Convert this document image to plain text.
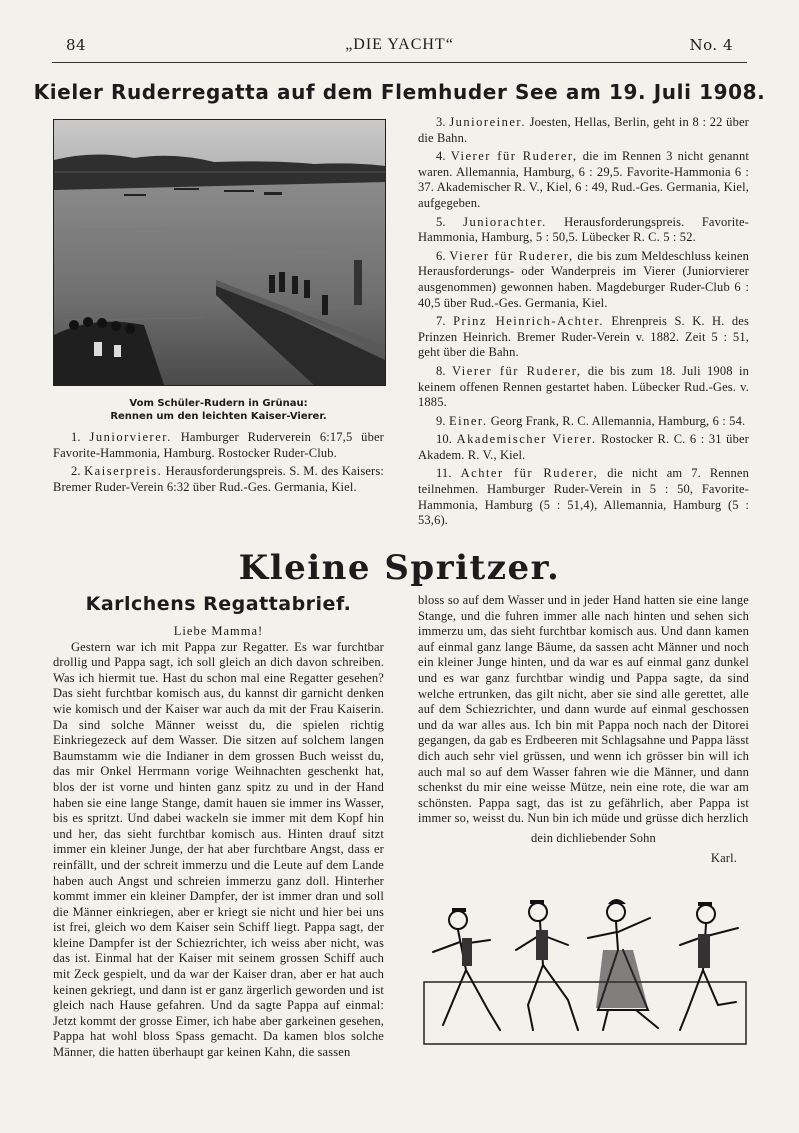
84	„DIE YACHT“	No. 4
Kieler Ruderregatta auf dem Flemhuder See am 19. Juli 1908.
Vom Schüler-Rudern in Grünau:
Rennen um den leichten Kaiser-Vierer.

1. Juniorvierer. Hamburger Ruderverein 6:17,5 über Favorite-Hammonia, Hamburg. Rostocker Ruder-Club.

2. Kaiserpreis. Herausforderungspreis. S. M. des Kaisers: Bremer Ruder-Verein 6:32 über Rud.-Ges. Germania, Kiel.

3. Junioreiner. Joesten, Hellas, Berlin, geht in 8 : 22 über die Bahn.

4. Vierer für Ruderer, die im Rennen 3 nicht genannt waren. Allemannia, Hamburg, 6 : 29,5. Favorite-Hammonia 6 : 37. Akademischer R. V., Kiel, 6 : 49, Rud.-Ges. Germania, Kiel, aufgegeben.

5. Juniorachter. Herausforderungspreis. Favorite-Hammonia, Hamburg, 5 : 50,5. Lübecker R. C. 5 : 52.

6. Vierer für Ruderer, die bis zum Meldeschluss keinen Herausforderungs- oder Wanderpreis im Vierer (Juniorvierer ausgenommen) gewonnen haben. Magdeburger Ruder-Club 6 : 40,5 über Rud.-Ges. Germania, Kiel.

7. Prinz Heinrich-Achter. Ehrenpreis S. K. H. des Prinzen Heinrich. Bremer Ruder-Verein v. 1882. Zeit 5 : 51, geht über die Bahn.

8. Vierer für Ruderer, die bis zum 18. Juli 1908 in keinem offenen Rennen gestartet haben. Lübecker Rud.-Ges. v. 1885.

9. Einer. Georg Frank, R. C. Allemannia, Hamburg, 6 : 54.

10. Akademischer Vierer. Rostocker R. C. 6 : 31 über Akadem. R. V., Kiel.

11. Achter für Ruderer, die nicht am 7. Rennen teilnehmen. Hamburger Ruder-Verein in 5 : 50, Favorite-Hammonia, Hamburg (5 : 51,4), Allemannia, Hamburg (5 : 53,6).

Kleine Spritzer.
Karlchens Regattabrief.

Liebe Mamma!

Gestern war ich mit Pappa zur Regatter. Es war furchtbar drollig und Pappa sagt, ich soll gleich an dich davon schreiben. Was ich hiermit tue. Hast du schon mal eine Regatter gesehen? Das sieht furchtbar komisch aus, du kannst dir garnicht denken wie komisch und der Kaiser war auch da mit der Frau Kaiserin. Da sind solche Männer weisst du, die spielen richtig Einkriegezeck auf dem Wasser. Die sitzen auf solchem langen Baumstamm wie die Indianer in dem grossen Buch weisst du, das mir Onkel Herrmann vorige Weihnachten geschenkt hat, blos der ist vorne und hinten ganz spitz zu und in der Hand haben sie eine lange Stange, damit hauen sie immer ins Wasser, bis es spritzt. Und dabei wackeln sie immer mit dem Kopf hin und her, das sieht furchtbar komisch aus. Hinten drauf sitzt immer ein kleiner Junge, der hat aber furchtbare Angst, dass er reinfällt, und der schreit immerzu und die Leute auf dem Lande haben auch Angst und schreien immerzu ganz doll. Hinterher kommt immer ein kleiner Dampfer, der ist immer dran und soll die Männer einkriegen, aber er kriegt sie nicht und hier bei uns ist frei, gleich wo dem Kaiser sein Schiff liegt. Pappa sagt, der kleine Dampfer ist der Schiezrichter, ich weiss aber nicht, was das ist. Einmal hat der Kaiser mit seinem grossen Schiff auch mit Zeck gespielt, und da war der Kaiser dran, aber er hat auch keinen gekriegt, und dann ist er ganz ärgerlich geworden und ist gleich nach Hause gefahren. Und da sagte Pappa auf einmal: Jetzt kommt der grosse Eimer, ich habe aber garkeinen gesehen, Pappa hat wohl bloss Spass gemacht. Da kamen blos solche Männer, die hatten überhaupt gar keinen Kahn, die sassen

bloss so auf dem Wasser und in jeder Hand hatten sie eine lange Stange, und die fuhren immer alle nach hinten und sehen sich immerzu um, das sieht furchtbar komisch aus. Und dann kamen auf einmal ganz lange Bäume, da sassen acht Männer und noch ein kleiner Junge hinten, und da war es auf einmal ganz dunkel und es war ganz furchtbar windig und Pappa sagte, da sind welche ertrunken, das gilt nicht, aber sie sind alle gerettet, alle auf dem Schiezrichter, und dann wurde auf einmal geschossen und da war alles aus. Ich bin mit Pappa noch nach der Ditorei gegangen, da gab es Erdbeeren mit Schlagsahne und Pappa lässt dich auch sehr viel grüssen, und wenn ich grösser bin will ich auch mal so auf dem Wasser fahren wie die Männer, und dann schenkst du mir eine weisse Mütze, nein eine rote, die war am schönsten. Pappa sagt, das ist zu gefährlich, aber Pappa ist immer so, weisst du. Nun bin ich müde und grüsse dich herzlich

dein dichliebender Sohn

Karl.
